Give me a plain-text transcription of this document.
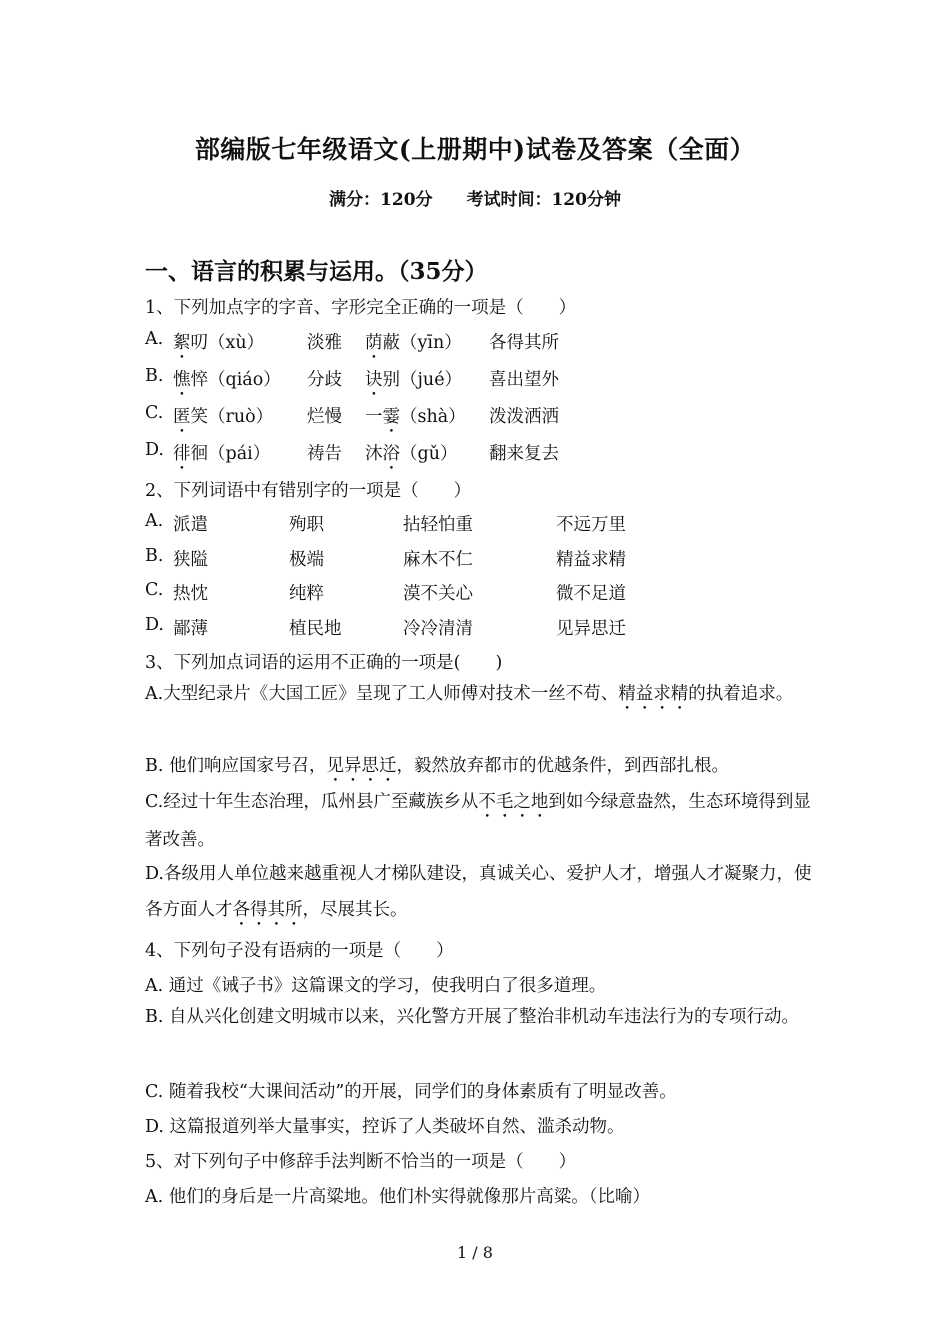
部编版七年级语文(上册期中)试卷及答案（全面）
满分：120分 考试时间：120分钟
一、语言的积累与运用。（35分）
1、下列加点字的字音、字形完全正确的一项是（　　）
A. 絮叨（xù） 淡雅 荫蔽（yīn） 各得其所
B. 憔悴（qiáo） 分歧 诀别（jué） 喜出望外
C. 匿笑（ruò） 烂慢 一霎（shà） 泼泼洒洒
D. 徘徊（pái） 祷告 沐浴（gǔ） 翻来复去
2、下列词语中有错别字的一项是（　　）
A. 派遣	殉职	拈轻怕重	不远万里
B. 狭隘	极端	麻木不仁	精益求精
C. 热忱	纯粹	漠不关心	微不足道
D. 鄙薄	植民地	冷冷清清	见异思迁
3、下列加点词语的运用不正确的一项是(　　)
A.大型纪录片《大国工匠》呈现了工人师傅对技术一丝不苟、精益求精的执着追求。
B. 他们响应国家号召，见异思迁，毅然放弃都市的优越条件，到西部扎根。
C.经过十年生态治理，瓜州县广至藏族乡从不毛之地到如今绿意盎然，生态环境得到显著改善。
D.各级用人单位越来越重视人才梯队建设，真诚关心、爱护人才，增强人才凝聚力，使各方面人才各得其所，尽展其长。
4、下列句子没有语病的一项是（　　）
A. 通过《诫子书》这篇课文的学习，使我明白了很多道理。
B. 自从兴化创建文明城市以来，兴化警方开展了整治非机动车违法行为的专项行动。
C. 随着我校“大课间活动”的开展，同学们的身体素质有了明显改善。
D. 这篇报道列举大量事实，控诉了人类破坏自然、滥杀动物。
5、对下列句子中修辞手法判断不恰当的一项是（　　）
A. 他们的身后是一片高粱地。他们朴实得就像那片高粱。（比喻）
1 / 8
